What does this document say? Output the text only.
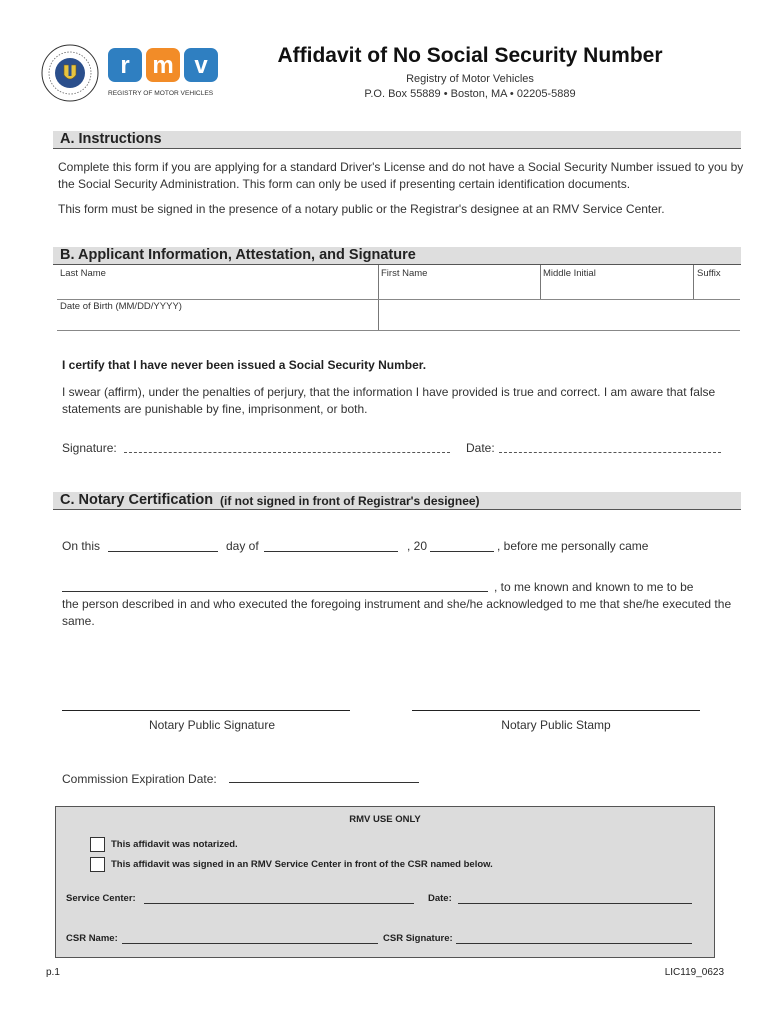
r m v
REGISTRY OF MOTOR VEHICLES
Affidavit of No Social Security Number
Registry of Motor Vehicles
P.O. Box 55889 • Boston, MA • 02205-5889
A. Instructions
Complete this form if you are applying for a standard Driver's License and do not have a Social Security Number issued to you by the Social Security Administration. This form can only be used if presenting certain identification documents.
This form must be signed in the presence of a notary public or the Registrar's designee at an RMV Service Center.
B. Applicant Information, Attestation, and Signature
Last Name	First Name	Middle Initial	Suffix
Date of Birth (MM/DD/YYYY)
I certify that I have never been issued a Social Security Number.
I swear (affirm), under the penalties of perjury, that the information I have provided is true and correct. I am aware that false statements are punishable by fine, imprisonment, or both.
Signature:	Date:
C. Notary Certification (if not signed in front of Registrar's designee)
On this	day of	, 20	, before me personally came
, to me known and known to me to be
the person described in and who executed the foregoing instrument and she/he acknowledged to me that she/he executed the same.
Notary Public Signature	Notary Public Stamp
Commission Expiration Date:
RMV USE ONLY
This affidavit was notarized.
This affidavit was signed in an RMV Service Center in front of the CSR named below.
Service Center:	Date:
CSR Name:	CSR Signature:
p.1	LIC119_0623
